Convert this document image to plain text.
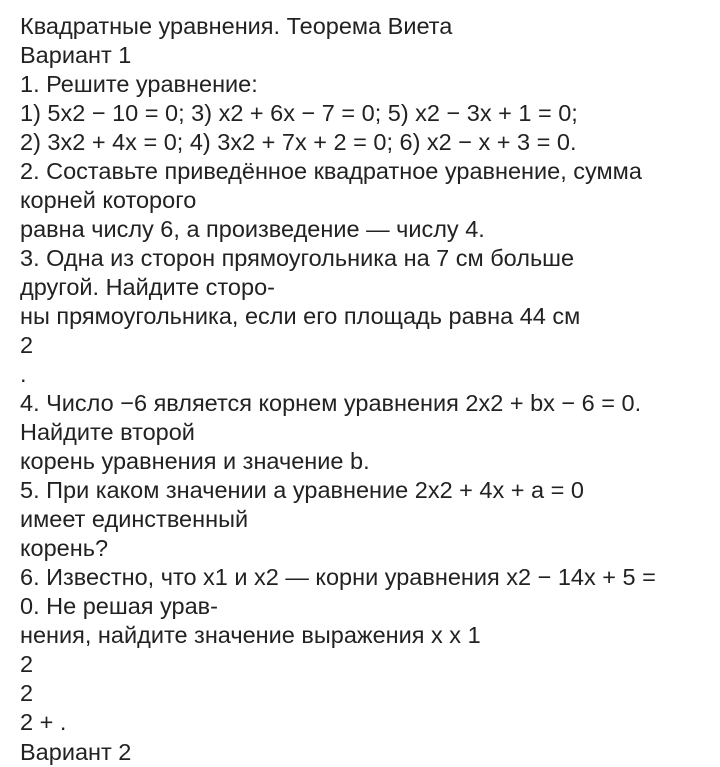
Квадратные уравнения. Теорема Виета
Вариант 1
1. Решите уравнение:
1) 5x2 − 10 = 0; 3) x2 + 6x − 7 = 0; 5) x2 − 3x + 1 = 0;
2) 3x2 + 4x = 0; 4) 3x2 + 7x + 2 = 0; 6) x2 − x + 3 = 0.
2. Составьте приведённое квадратное уравнение, сумма
корней которого
равна числу 6, а произведение — числу 4.
3. Одна из сторон прямоугольника на 7 см больше
другой. Найдите сторо-
ны прямоугольника, если его площадь равна 44 см
2
.
4. Число −6 является корнем уравнения 2x2 + bx − 6 = 0.
Найдите второй
корень уравнения и значение b.
5. При каком значении a уравнение 2x2 + 4x + a = 0
имеет единственный
корень?
6. Известно, что x1 и x2 — корни уравнения x2 − 14x + 5 =
0. Не решая урав-
нения, найдите значение выражения x x 1
2
2
2 + .
Вариант 2
